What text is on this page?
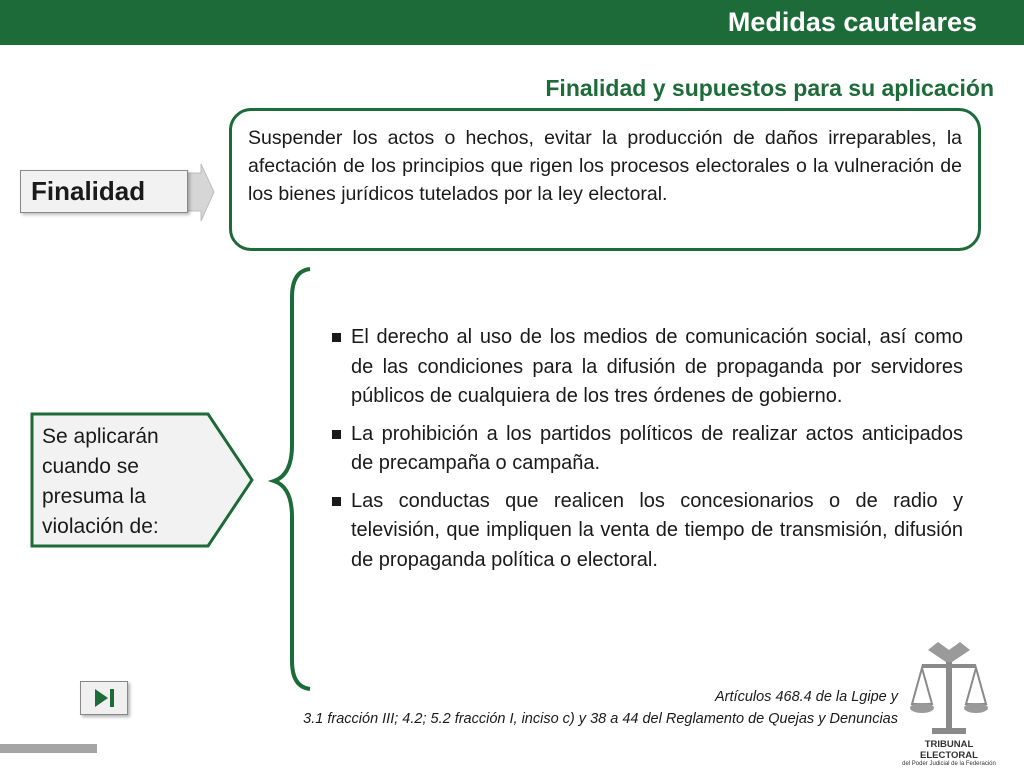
Medidas cautelares
Finalidad y supuestos para su aplicación
Finalidad
Suspender los actos o hechos, evitar la producción de daños irreparables, la afectación de los principios que rigen los procesos electorales o la vulneración de los bienes jurídicos tutelados por la ley electoral.
Se aplicarán
cuando se
presuma la
violación de:
El derecho al uso de los medios de comunicación social, así como de las condiciones para la difusión de propaganda por servidores públicos de cualquiera de los tres órdenes de gobierno.
La prohibición a los partidos políticos de realizar actos anticipados de precampaña o campaña.
Las conductas que realicen los concesionarios o de radio y televisión, que impliquen la venta de tiempo de transmisión, difusión de propaganda política o electoral.
Artículos 468.4 de la Lgipe y
3.1 fracción III; 4.2; 5.2 fracción I, inciso c) y 38 a 44 del Reglamento de Quejas y Denuncias
TRIBUNAL ELECTORAL
del Poder Judicial de la Federación
